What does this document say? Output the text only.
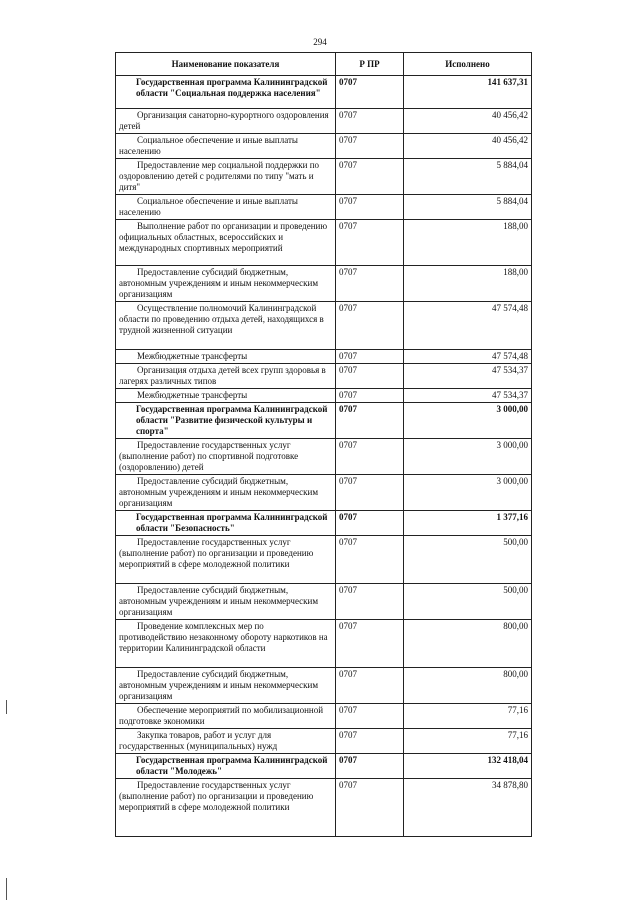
294
Наименование показателя	Р ПР	Исполнено
Государственная программа Калининградской области "Социальная поддержка населения"	0707	141 637,31
Организация санаторно-курортного оздоровления детей	0707	40 456,42
Социальное обеспечение и иные выплаты населению	0707	40 456,42
Предоставление мер социальной поддержки по оздоровлению детей с родителями по типу "мать и дитя"	0707	5 884,04
Социальное обеспечение и иные выплаты населению	0707	5 884,04
Выполнение работ по организации и проведению официальных областных, всероссийских и международных спортивных мероприятий	0707	188,00
Предоставление субсидий бюджетным, автономным учреждениям и иным некоммерческим организациям	0707	188,00
Осуществление полномочий Калининградской области по проведению отдыха детей, находящихся в трудной жизненной ситуации	0707	47 574,48
Межбюджетные трансферты	0707	47 574,48
Организация отдыха детей всех групп здоровья в лагерях различных типов	0707	47 534,37
Межбюджетные трансферты	0707	47 534,37
Государственная программа Калининградской области "Развитие физической культуры и спорта"	0707	3 000,00
Предоставление государственных услуг (выполнение работ) по спортивной подготовке (оздоровлению) детей	0707	3 000,00
Предоставление субсидий бюджетным, автономным учреждениям и иным некоммерческим организациям	0707	3 000,00
Государственная программа Калининградской области "Безопасность"	0707	1 377,16
Предоставление государственных услуг (выполнение работ) по организации и проведению мероприятий в сфере молодежной политики	0707	500,00
Предоставление субсидий бюджетным, автономным учреждениям и иным некоммерческим организациям	0707	500,00
Проведение комплексных мер по противодействию незаконному обороту наркотиков на территории Калининградской области	0707	800,00
Предоставление субсидий бюджетным, автономным учреждениям и иным некоммерческим организациям	0707	800,00
Обеспечение мероприятий по мобилизационной подготовке экономики	0707	77,16
Закупка товаров, работ и услуг для государственных (муниципальных) нужд	0707	77,16
Государственная программа Калининградской области "Молодежь"	0707	132 418,04
Предоставление государственных услуг (выполнение работ) по организации и проведению мероприятий в сфере молодежной политики	0707	34 878,80
